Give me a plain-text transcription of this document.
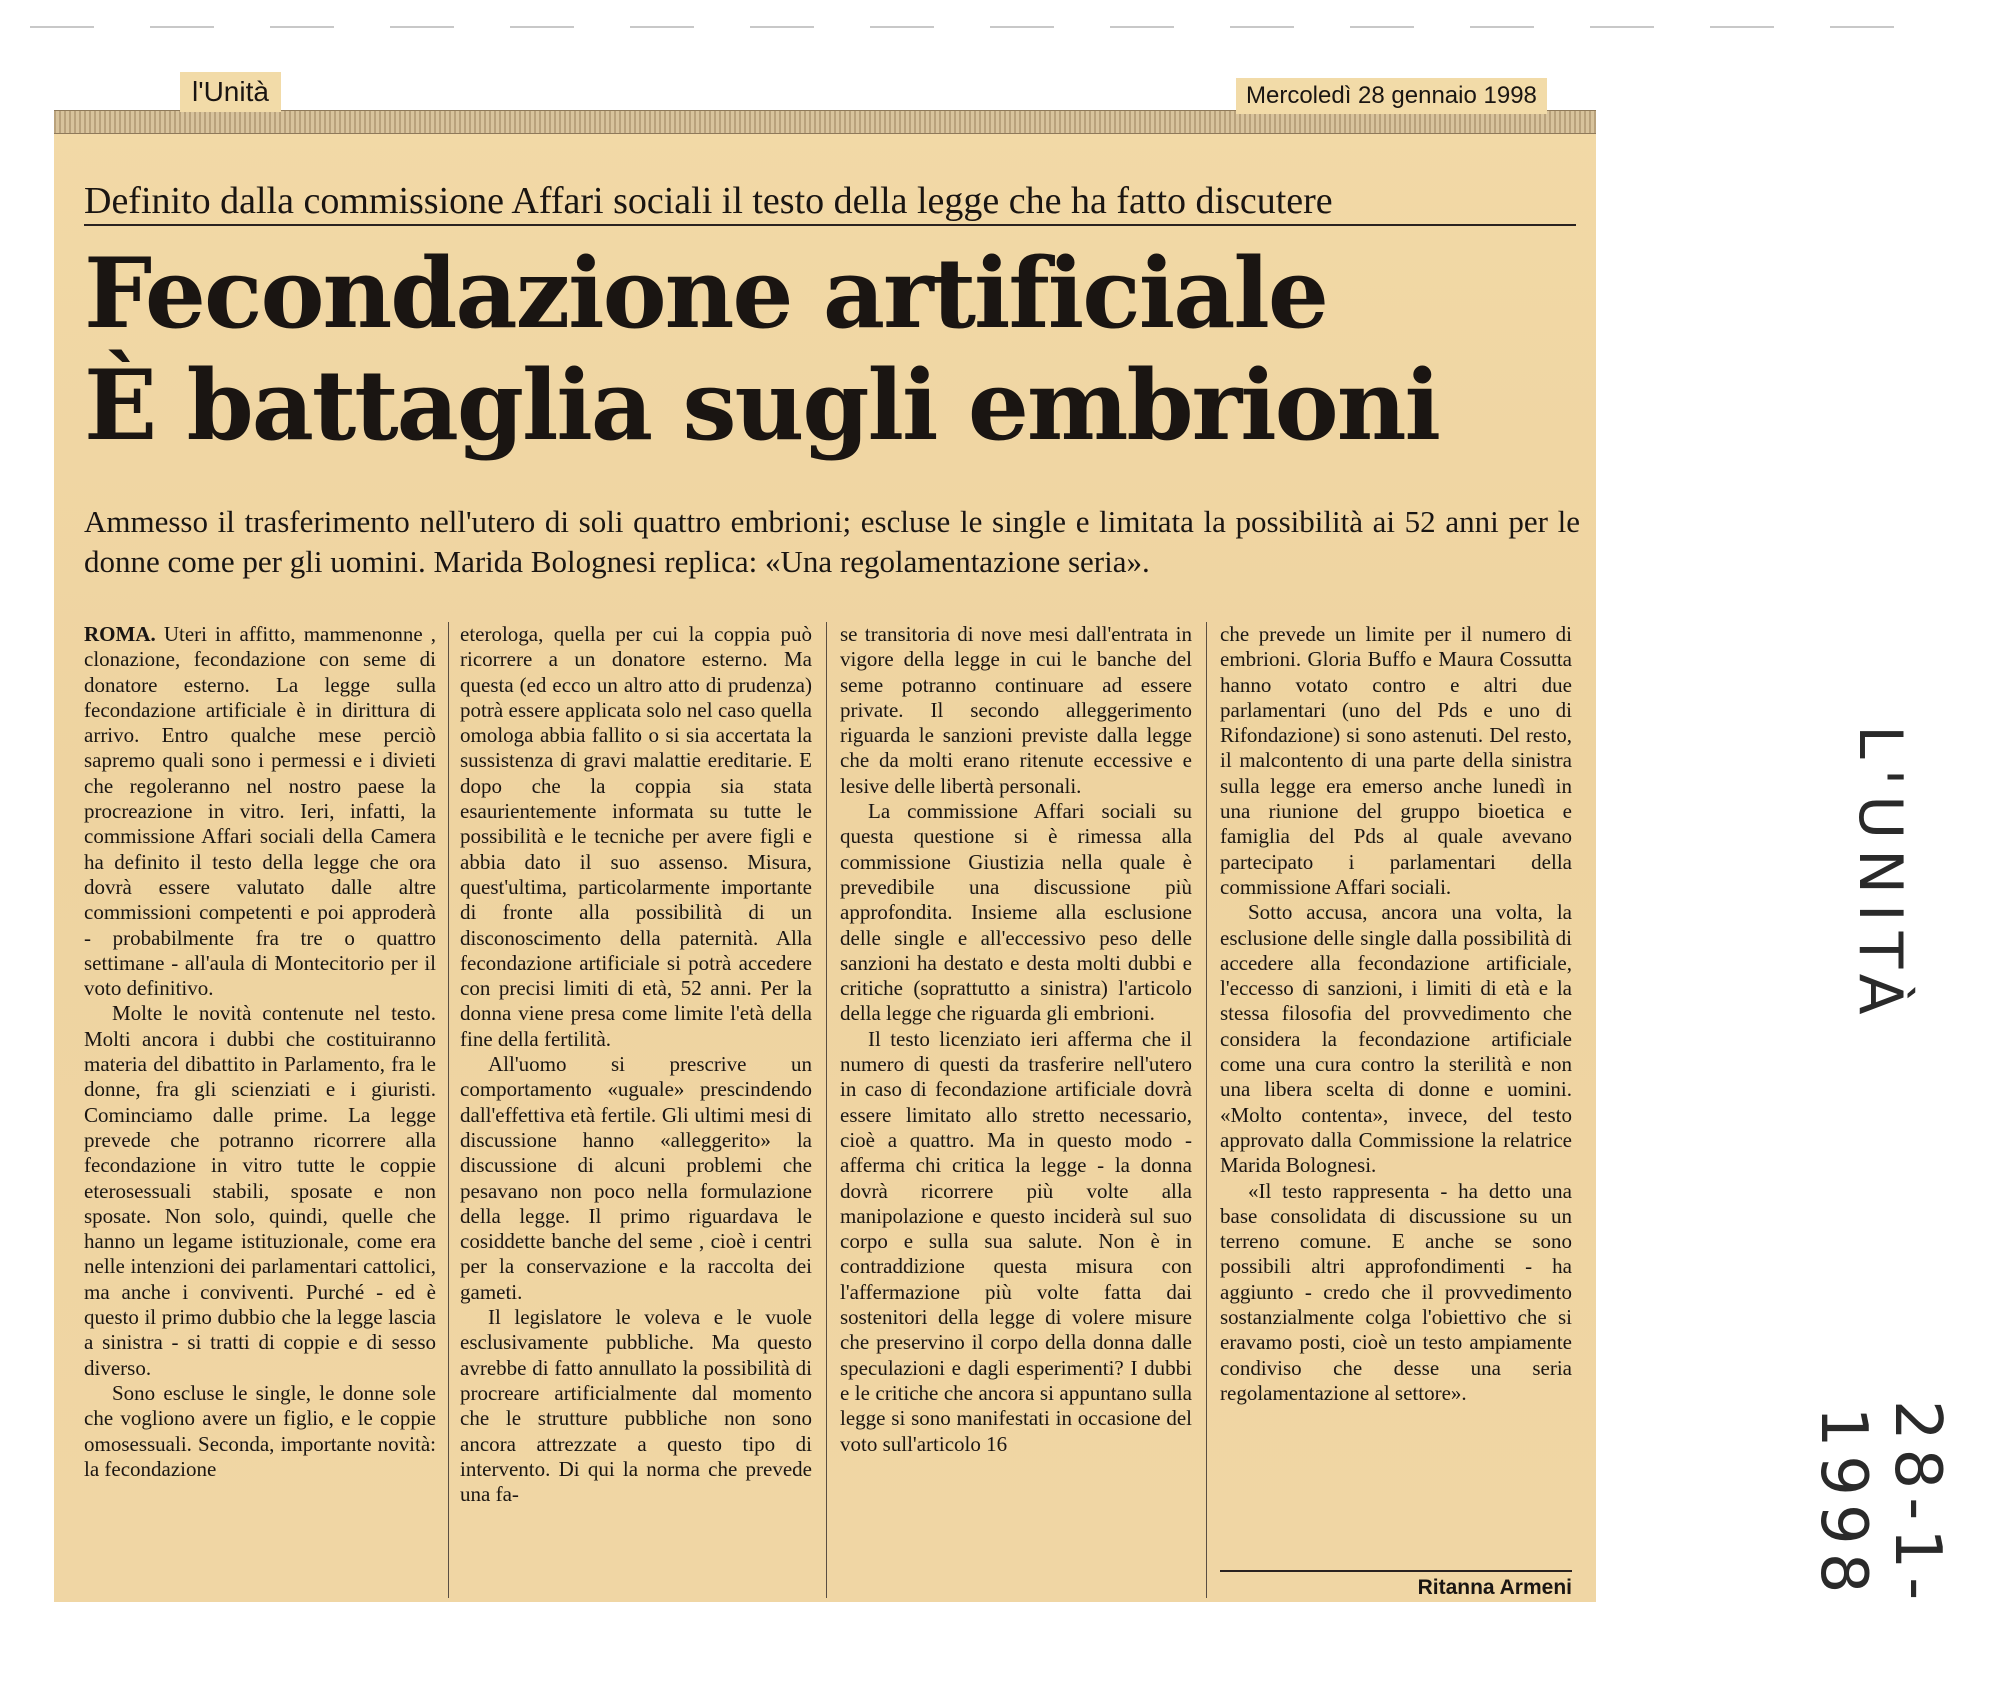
l'Unità	Mercoledì 28 gennaio 1998
Definito dalla commissione Affari sociali il testo della legge che ha fatto discutere
Fecondazione artificiale
È battaglia sugli embrioni
Ammesso il trasferimento nell'utero di soli quattro embrioni; escluse le single e limitata la possibilità ai 52 anni per le donne come per gli uomini. Marida Bolognesi replica: «Una regolamentazione seria».

ROMA. Uteri in affitto, mammenonne , clonazione, fecondazione con seme di donatore esterno. La legge sulla fecondazione artificiale è in dirittura di arrivo. Entro qualche mese perciò sapremo quali sono i permessi e i divieti che regoleranno nel nostro paese la procreazione in vitro. Ieri, infatti, la commissione Affari sociali della Camera ha definito il testo della legge che ora dovrà essere valutato dalle altre commissioni competenti e poi approderà - probabilmente fra tre o quattro settimane - all'aula di Montecitorio per il voto definitivo.

Molte le novità contenute nel testo. Molti ancora i dubbi che costituiranno materia del dibattito in Parlamento, fra le donne, fra gli scienziati e i giuristi. Cominciamo dalle prime. La legge prevede che potranno ricorrere alla fecondazione in vitro tutte le coppie eterosessuali stabili, sposate e non sposate. Non solo, quindi, quelle che hanno un legame istituzionale, come era nelle intenzioni dei parlamentari cattolici, ma anche i conviventi. Purché - ed è questo il primo dubbio che la legge lascia a sinistra - si tratti di coppie e di sesso diverso.

Sono escluse le single, le donne sole che vogliono avere un figlio, e le coppie omosessuali. Seconda, importante novità: la fecondazione

eterologa, quella per cui la coppia può ricorrere a un donatore esterno. Ma questa (ed ecco un altro atto di prudenza) potrà essere applicata solo nel caso quella omologa abbia fallito o si sia accertata la sussistenza di gravi malattie ereditarie. E dopo che la coppia sia stata esaurientemente informata su tutte le possibilità e le tecniche per avere figli e abbia dato il suo assenso. Misura, quest'ultima, particolarmente importante di fronte alla possibilità di un disconoscimento della paternità. Alla fecondazione artificiale si potrà accedere con precisi limiti di età, 52 anni. Per la donna viene presa come limite l'età della fine della fertilità.

All'uomo si prescrive un comportamento «uguale» prescindendo dall'effettiva età fertile. Gli ultimi mesi di discussione hanno «alleggerito» la discussione di alcuni problemi che pesavano non poco nella formulazione della legge. Il primo riguardava le cosiddette banche del seme , cioè i centri per la conservazione e la raccolta dei gameti.

Il legislatore le voleva e le vuole esclusivamente pubbliche. Ma questo avrebbe di fatto annullato la possibilità di procreare artificialmente dal momento che le strutture pubbliche non sono ancora attrezzate a questo tipo di intervento. Di qui la norma che prevede una fa-

se transitoria di nove mesi dall'entrata in vigore della legge in cui le banche del seme potranno continuare ad essere private. Il secondo alleggerimento riguarda le sanzioni previste dalla legge che da molti erano ritenute eccessive e lesive delle libertà personali.

La commissione Affari sociali su questa questione si è rimessa alla commissione Giustizia nella quale è prevedibile una discussione più approfondita. Insieme alla esclusione delle single e all'eccessivo peso delle sanzioni ha destato e desta molti dubbi e critiche (soprattutto a sinistra) l'articolo della legge che riguarda gli embrioni.

Il testo licenziato ieri afferma che il numero di questi da trasferire nell'utero in caso di fecondazione artificiale dovrà essere limitato allo stretto necessario, cioè a quattro. Ma in questo modo - afferma chi critica la legge - la donna dovrà ricorrere più volte alla manipolazione e questo inciderà sul suo corpo e sulla sua salute. Non è in contraddizione questa misura con l'affermazione più volte fatta dai sostenitori della legge di volere misure che preservino il corpo della donna dalle speculazioni e dagli esperimenti? I dubbi e le critiche che ancora si appuntano sulla legge si sono manifestati in occasione del voto sull'articolo 16

che prevede un limite per il numero di embrioni. Gloria Buffo e Maura Cossutta hanno votato contro e altri due parlamentari (uno del Pds e uno di Rifondazione) si sono astenuti. Del resto, il malcontento di una parte della sinistra sulla legge era emerso anche lunedì in una riunione del gruppo bioetica e famiglia del Pds al quale avevano partecipato i parlamentari della commissione Affari sociali.

Sotto accusa, ancora una volta, la esclusione delle single dalla possibilità di accedere alla fecondazione artificiale, l'eccesso di sanzioni, i limiti di età e la stessa filosofia del provvedimento che considera la fecondazione artificiale come una cura contro la sterilità e non una libera scelta di donne e uomini. «Molto contenta», invece, del testo approvato dalla Commissione la relatrice Marida Bolognesi.

«Il testo rappresenta - ha detto una base consolidata di discussione su un terreno comune. E anche se sono possibili altri approfondimenti - ha aggiunto - credo che il provvedimento sostanzialmente colga l'obiettivo che si eravamo posti, cioè un testo ampiamente condiviso che desse una seria regolamentazione al settore».

Ritanna Armeni
L'UNITÀ
28-1-1998
